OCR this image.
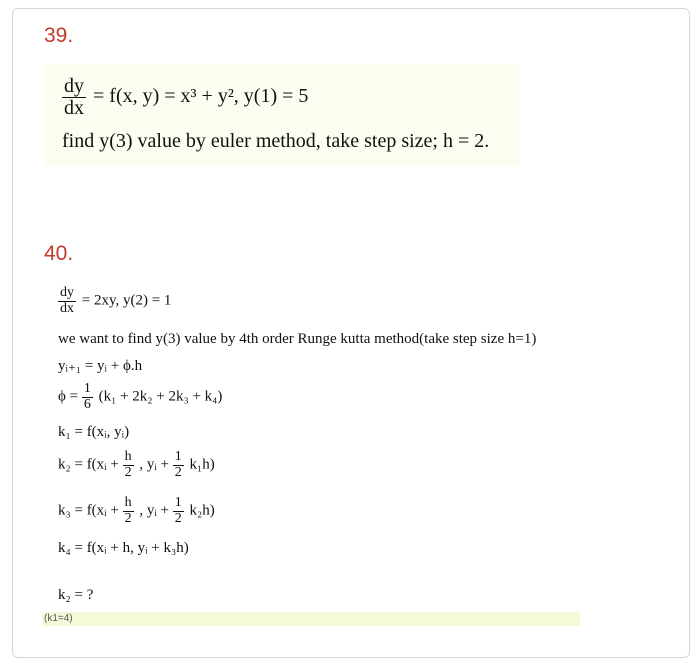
39.
$\frac{dy}{dx} = f(x$, y) = x³ + y², y(1) = 5
find y(3) value by euler method, take step size; h = 2.
40.
$\frac{dy}{dx} = 2xy$, y(2) = 1
we want to find y(3) value by 4th order Runge kutta method(take step size h=1)
yᵢ₊₁ = yᵢ + ϕ.h
$\phi = \frac{1}{6} (k_1 + 2k_2 + 2k_3 + k_4)$
k₁ = f(xᵢ, yᵢ)
k₂ = f(xᵢ + $\frac{h}{2}$ , yᵢ + $\frac{1}{2} k_1h$)
k₃ = f(xᵢ + $\frac{h}{2}$ , yᵢ + $\frac{1}{2} k_2h$)
k₄ = f(xᵢ + h, yᵢ + k₃h)
k₂ = ?
(k1=4)
